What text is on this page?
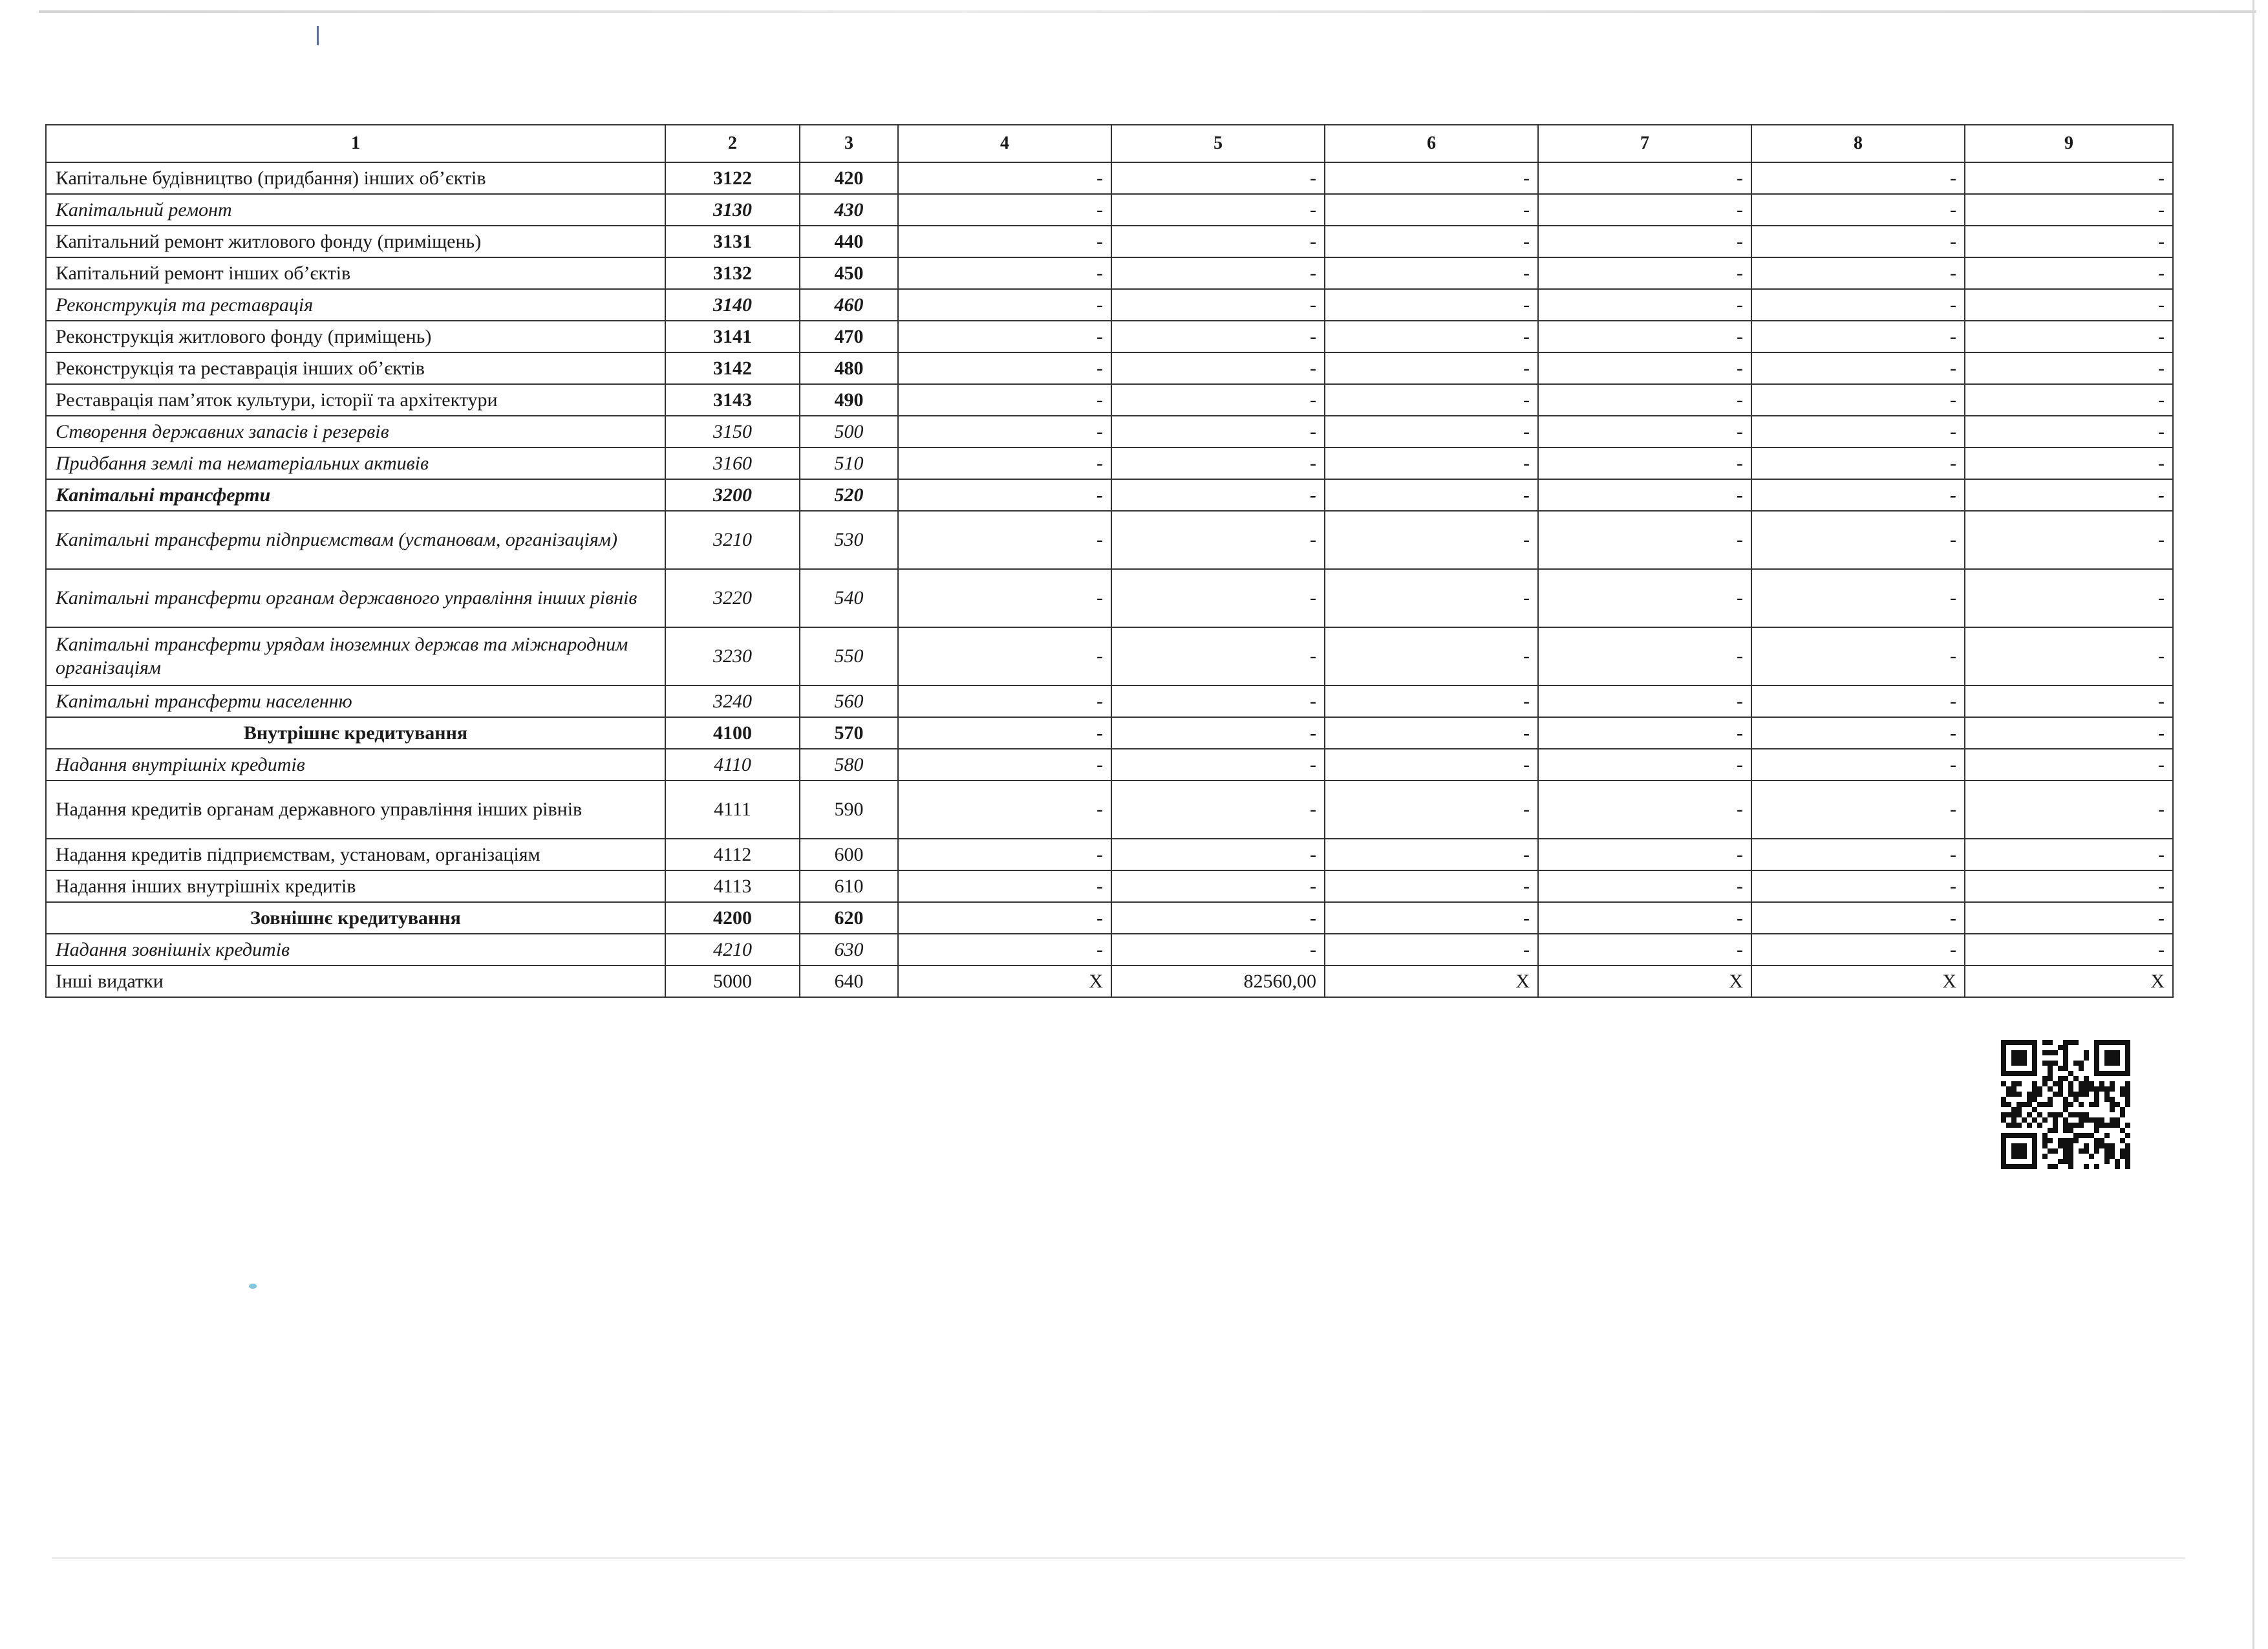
1	2	3	4	5	6	7	8	9
Капітальне будівництво (придбання) інших об’єктів	3122	420	-	-	-	-	-	-
Капітальний ремонт	3130	430	-	-	-	-	-	-
Капітальний ремонт житлового фонду (приміщень)	3131	440	-	-	-	-	-	-
Капітальний ремонт інших об’єктів	3132	450	-	-	-	-	-	-
Реконструкція та реставрація	3140	460	-	-	-	-	-	-
Реконструкція житлового фонду (приміщень)	3141	470	-	-	-	-	-	-
Реконструкція та реставрація інших об’єктів	3142	480	-	-	-	-	-	-
Реставрація пам’яток культури, історії та архітектури	3143	490	-	-	-	-	-	-
Створення державних запасів і резервів	3150	500	-	-	-	-	-	-
Придбання землі та нематеріальних активів	3160	510	-	-	-	-	-	-
Капітальні трансферти	3200	520	-	-	-	-	-	-
Капітальні трансферти підприємствам (установам, організаціям)	3210	530	-	-	-	-	-	-
Капітальні трансферти органам державного управління інших рівнів	3220	540	-	-	-	-	-	-
Капітальні трансферти урядам іноземних держав та міжнародним організаціям	3230	550	-	-	-	-	-	-
Капітальні трансферти населенню	3240	560	-	-	-	-	-	-
Внутрішнє кредитування	4100	570	-	-	-	-	-	-
Надання внутрішніх кредитів	4110	580	-	-	-	-	-	-
Надання кредитів органам державного управління інших рівнів	4111	590	-	-	-	-	-	-
Надання кредитів підприємствам, установам, організаціям	4112	600	-	-	-	-	-	-
Надання інших внутрішніх кредитів	4113	610	-	-	-	-	-	-
Зовнішнє кредитування	4200	620	-	-	-	-	-	-
Надання зовнішніх кредитів	4210	630	-	-	-	-	-	-
Інші видатки	5000	640	X	82560,00	X	X	X	X
